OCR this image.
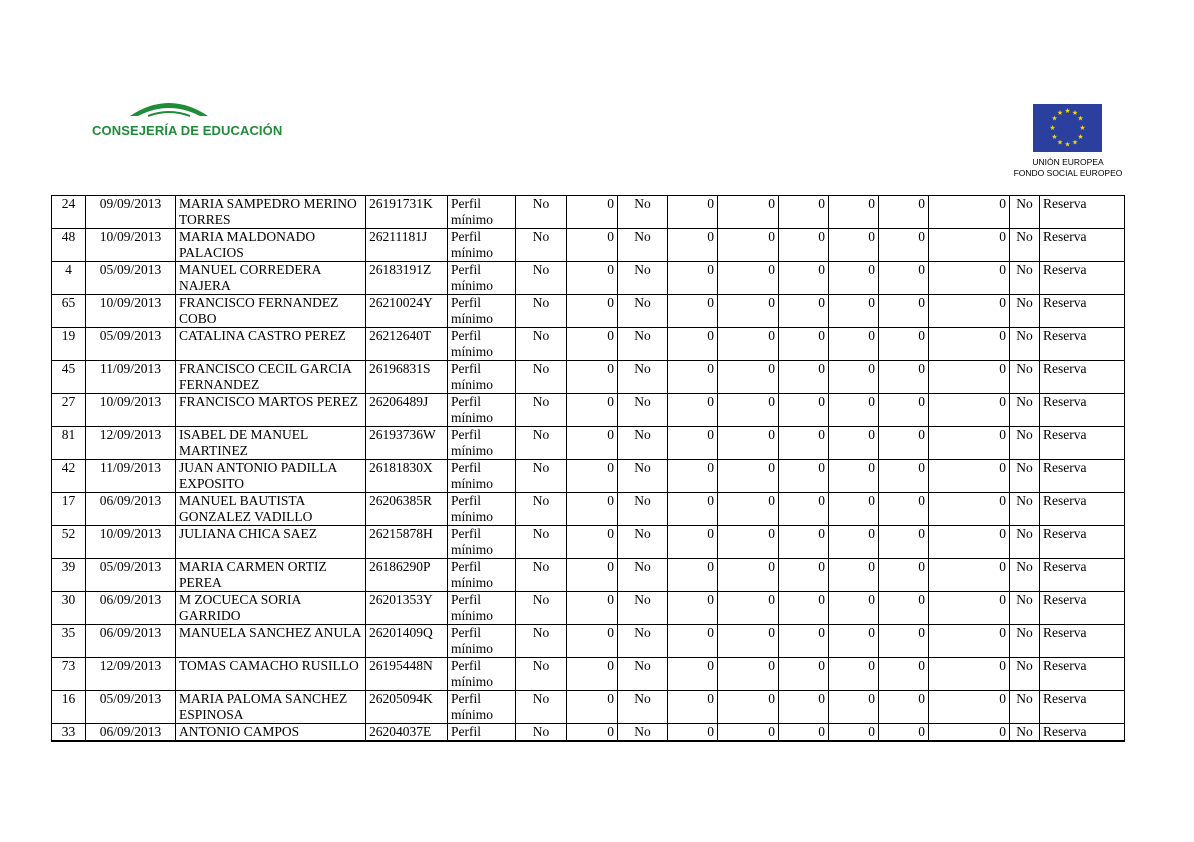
CONSEJERÍA DE EDUCACIÓN
★ ★
★
★
★
★
★
★
★
★
★
★
UNIÓN EUROPEA
FONDO SOCIAL EUROPEO
24	09/09/2013	MARIA SAMPEDRO MERINO TORRES	26191731K	Perfil mínimo	No	0	No	0	0	0	0	0	0	No	Reserva
48	10/09/2013	MARIA MALDONADO PALACIOS	26211181J	Perfil mínimo	No	0	No	0	0	0	0	0	0	No	Reserva
4	05/09/2013	MANUEL CORREDERA NAJERA	26183191Z	Perfil mínimo	No	0	No	0	0	0	0	0	0	No	Reserva
65	10/09/2013	FRANCISCO FERNANDEZ COBO	26210024Y	Perfil mínimo	No	0	No	0	0	0	0	0	0	No	Reserva
19	05/09/2013	CATALINA CASTRO PEREZ	26212640T	Perfil mínimo	No	0	No	0	0	0	0	0	0	No	Reserva
45	11/09/2013	FRANCISCO CECIL GARCIA FERNANDEZ	26196831S	Perfil mínimo	No	0	No	0	0	0	0	0	0	No	Reserva
27	10/09/2013	FRANCISCO MARTOS PEREZ	26206489J	Perfil mínimo	No	0	No	0	0	0	0	0	0	No	Reserva
81	12/09/2013	ISABEL DE MANUEL MARTINEZ	26193736W	Perfil mínimo	No	0	No	0	0	0	0	0	0	No	Reserva
42	11/09/2013	JUAN ANTONIO PADILLA EXPOSITO	26181830X	Perfil mínimo	No	0	No	0	0	0	0	0	0	No	Reserva
17	06/09/2013	MANUEL BAUTISTA GONZALEZ VADILLO	26206385R	Perfil mínimo	No	0	No	0	0	0	0	0	0	No	Reserva
52	10/09/2013	JULIANA CHICA SAEZ	26215878H	Perfil mínimo	No	0	No	0	0	0	0	0	0	No	Reserva
39	05/09/2013	MARIA CARMEN ORTIZ PEREA	26186290P	Perfil mínimo	No	0	No	0	0	0	0	0	0	No	Reserva
30	06/09/2013	M ZOCUECA SORIA GARRIDO	26201353Y	Perfil mínimo	No	0	No	0	0	0	0	0	0	No	Reserva
35	06/09/2013	MANUELA SANCHEZ ANULA	26201409Q	Perfil mínimo	No	0	No	0	0	0	0	0	0	No	Reserva
73	12/09/2013	TOMAS CAMACHO RUSILLO	26195448N	Perfil mínimo	No	0	No	0	0	0	0	0	0	No	Reserva
16	05/09/2013	MARIA PALOMA SANCHEZ ESPINOSA	26205094K	Perfil mínimo	No	0	No	0	0	0	0	0	0	No	Reserva
33	06/09/2013	ANTONIO CAMPOS	26204037E	Perfil	No	0	No	0	0	0	0	0	0	No	Reserva
